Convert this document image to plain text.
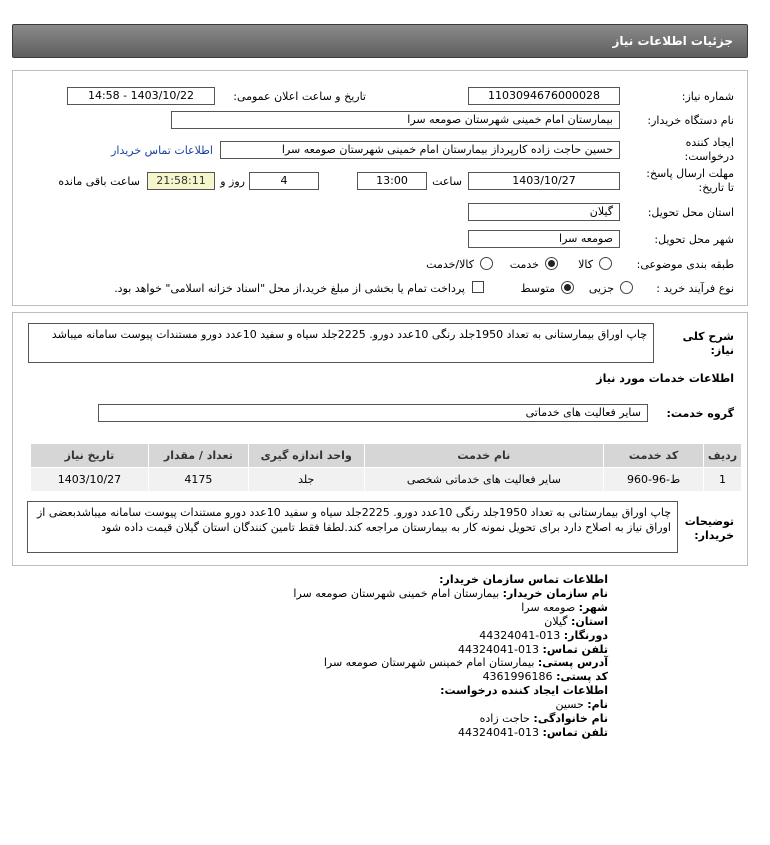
جزئیات اطلاعات نیاز
شماره نیاز:
1103094676000028
تاریخ و ساعت اعلان عمومی:
1403/10/22 - 14:58
نام دستگاه خریدار:
بیمارستان امام خمینی شهرستان صومعه سرا
ایجاد کننده
درخواست:
حسین حاجت زاده کارپرداز بیمارستان امام خمینی شهرستان صومعه سرا
اطلاعات تماس خریدار
مهلت ارسال پاسخ:
تا تاریخ:
1403/10/27
ساعت
13:00
4
روز و
21:58:11
ساعت باقی مانده
استان محل تحویل:
گیلان
شهر محل تحویل:
صومعه سرا
طبقه بندی موضوعی:
کالا
خدمت
کالا/خدمت
نوع فرآیند خرید :
جزیی
متوسط
پرداخت تمام یا بخشی از مبلغ خرید،از محل "اسناد خزانه اسلامی" خواهد بود.
شرح کلی
نیاز:
چاپ اوراق بیمارستانی به تعداد 1950جلد رنگی 10عدد دورو. 2225جلد سیاه و سفید 10عدد دورو مستندات پیوست سامانه میباشد
اطلاعات خدمات مورد نیاز
گروه خدمت:
سایر فعالیت های خدماتی
ردیف	کد خدمت	نام خدمت	واحد اندازه گیری	تعداد / مقدار	تاریخ نیاز
1	ط-96-960	سایر فعالیت های خدماتی شخصی	جلد	4175	1403/10/27
توضیحات
خریدار:
چاپ اوراق بیمارستانی به تعداد 1950جلد رنگی 10عدد دورو. 2225جلد سیاه و سفید 10عدد دورو مستندات پیوست سامانه میباشدبعضی از اوراق نیاز به اصلاح دارد برای تحویل نمونه کار به بیمارستان مراجعه کند.لطفا فقط تامین کنندگان استان گیلان قیمت داده شود
اطلاعات تماس سازمان خریدار:
نام سازمان خریدار: بیمارستان امام خمینی شهرستان صومعه سرا
شهر: صومعه سرا
استان: گیلان
دورنگار: 013-44324041
تلفن تماس: 013-44324041
آدرس پستی: بیمارستان امام خمینس شهرستان صومعه سرا
کد پستی: 4361996186
اطلاعات ایجاد کننده درخواست:
نام: حسین
نام خانوادگی: حاجت زاده
تلفن تماس: 013-44324041
